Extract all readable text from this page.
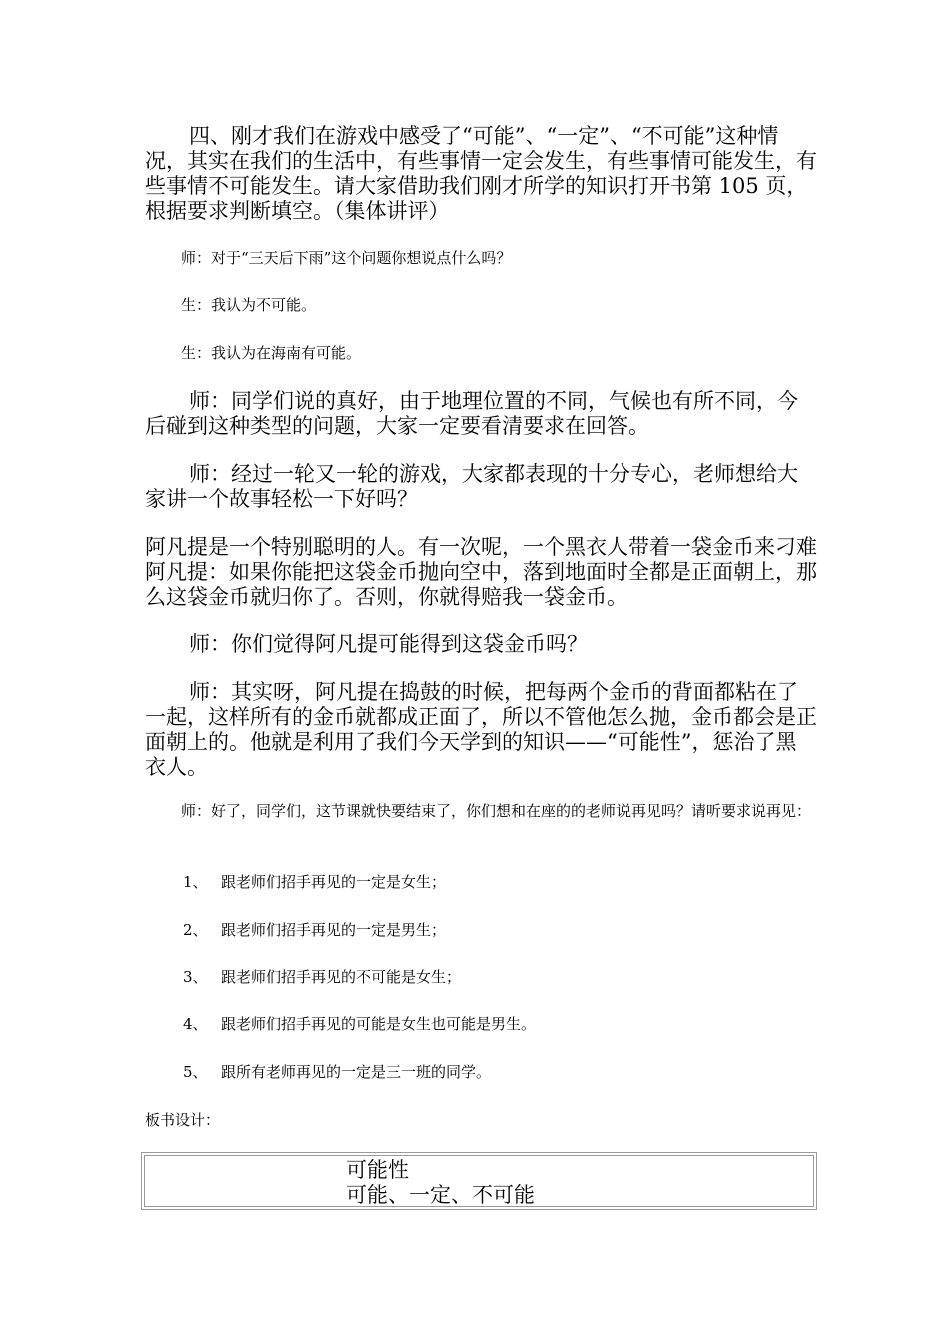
四、刚才我们在游戏中感受了“可能”、“一定”、“不可能”这种情况，其实在我们的生活中，有些事情一定会发生，有些事情可能发生，有些事情不可能发生。请大家借助我们刚才所学的知识打开书第 105 页，根据要求判断填空。（集体讲评）

师：对于“三天后下雨”这个问题你想说点什么吗？

生：我认为不可能。

生：我认为在海南有可能。

师：同学们说的真好，由于地理位置的不同，气候也有所不同，今后碰到这种类型的问题，大家一定要看清要求在回答。

师：经过一轮又一轮的游戏，大家都表现的十分专心，老师想给大家讲一个故事轻松一下好吗？

阿凡提是一个特别聪明的人。有一次呢，一个黑衣人带着一袋金币来刁难阿凡提：如果你能把这袋金币抛向空中，落到地面时全都是正面朝上，那么这袋金币就归你了。否则，你就得赔我一袋金币。

师：你们觉得阿凡提可能得到这袋金币吗？

师：其实呀，阿凡提在捣鼓的时候，把每两个金币的背面都粘在了一起，这样所有的金币就都成正面了，所以不管他怎么抛，金币都会是正面朝上的。他就是利用了我们今天学到的知识——“可能性”，惩治了黑衣人。

师：好了，同学们，这节课就快要结束了，你们想和在座的的老师说再见吗？请听要求说再见：

1、 跟老师们招手再见的一定是女生；
2、 跟老师们招手再见的一定是男生；
3、 跟老师们招手再见的不可能是女生；
4、 跟老师们招手再见的可能是女生也可能是男生。
5、 跟所有老师再见的一定是三一班的同学。

板书设计：

可能性
可能、一定、不可能
